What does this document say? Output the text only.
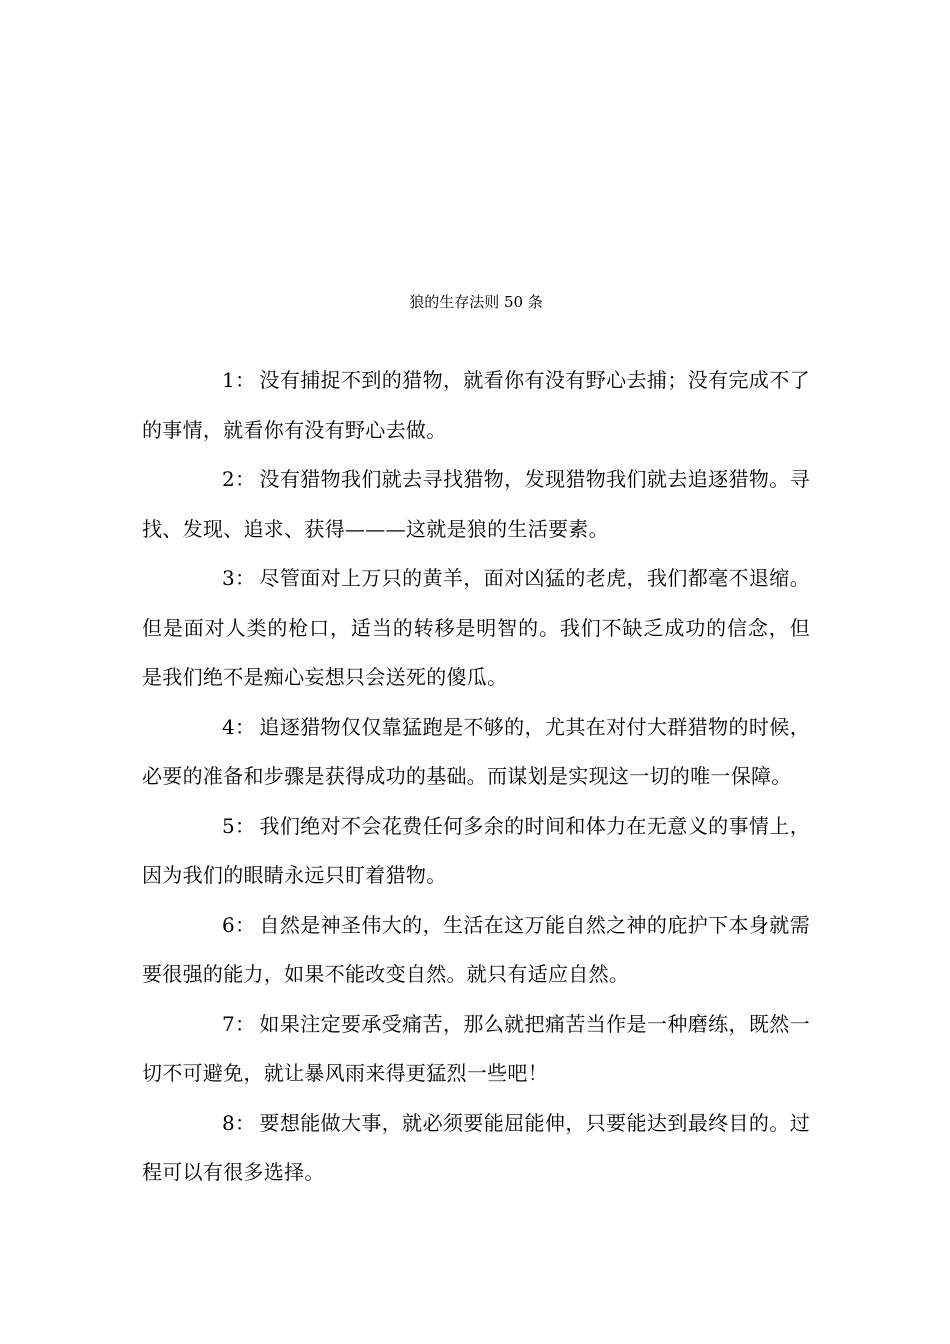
狼的生存法则 50 条

1： 没有捕捉不到的猎物，就看你有没有野心去捕；没有完成不了的事情，就看你有没有野心去做。

2： 没有猎物我们就去寻找猎物，发现猎物我们就去追逐猎物。寻找、发现、追求、获得———这就是狼的生活要素。

3： 尽管面对上万只的黄羊，面对凶猛的老虎，我们都毫不退缩。但是面对人类的枪口，适当的转移是明智的。我们不缺乏成功的信念，但是我们绝不是痴心妄想只会送死的傻瓜。

4： 追逐猎物仅仅靠猛跑是不够的，尤其在对付大群猎物的时候，必要的准备和步骤是获得成功的基础。而谋划是实现这一切的唯一保障。

5： 我们绝对不会花费任何多余的时间和体力在无意义的事情上，因为我们的眼睛永远只盯着猎物。

6： 自然是神圣伟大的，生活在这万能自然之神的庇护下本身就需要很强的能力，如果不能改变自然。就只有适应自然。

7： 如果注定要承受痛苦，那么就把痛苦当作是一种磨练，既然一切不可避免，就让暴风雨来得更猛烈一些吧！

8： 要想能做大事，就必须要能屈能伸，只要能达到最终目的。过程可以有很多选择。
